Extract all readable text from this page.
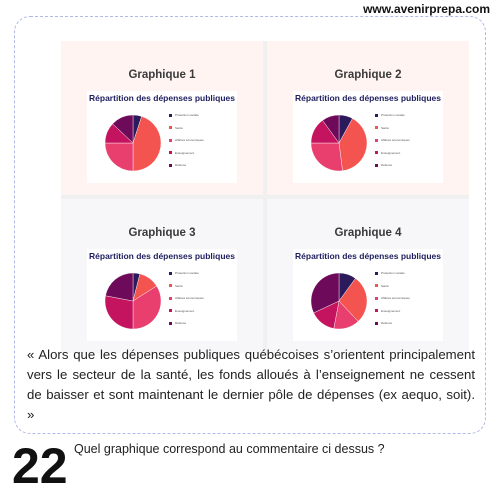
www.avenirprepa.com
Graphique 1
Répartition des dépenses publiques
Protection sociale
Santé
Affaires économiques
Enseignement
Défense
Graphique 2
Répartition des dépenses publiques
Protection sociale
Santé
Affaires économiques
Enseignement
Défense
Graphique 3
Répartition des dépenses publiques
Protection sociale
Santé
Affaires économiques
Enseignement
Défense
Graphique 4
Répartition des dépenses publiques
Protection sociale
Santé
Affaires économiques
Enseignement
Défense

« Alors que les dépenses publiques québécoises s’orientent principalement vers le secteur de la santé, les fonds alloués à l’enseignement ne cessent de baisser et sont maintenant le dernier pôle de dépenses (ex aequo, soit). »

22 Quel graphique correspond au commentaire ci dessus ?
